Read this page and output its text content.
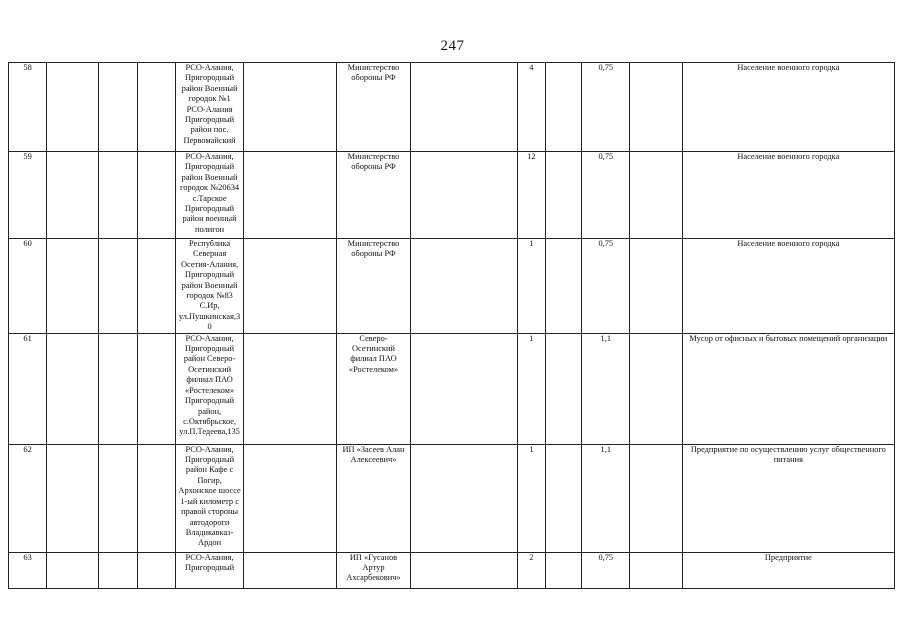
247
58				РСО-Алания, Пригородный район Военный городок №1 РСО-Алания Пригородный район пос. Первомайский		Министерство обороны РФ		4		0,75		Население военного городка
59				РСО-Алания, Пригородный район Военный городок №20634 с.Тарское Пригородный район военный полигон		Министерство обороны РФ		12		0,75		Население военного городка
60				Республика Северная Осетия-Алания, Пригородный район Военный городок №83 С.Ир, ул.Пушкинская,30		Министерство обороны РФ		1		0,75		Население военного городка
61				РСО-Алания, Пригородный район Северо-Осетинский филиал ПАО «Ростелеком» Пригородный район, с.Октябрьское, ул.П.Тедеева,135		Северо-Осетинский филиал ПАО «Ростелеком»		1		1,1		Мусор от офисных и бытовых помещений организации
62				РСО-Алания, Пригородный район Кафе с Погир, Архонское шоссе 1-ый километр с правой стороны автодороги Владикавказ-Ардон		ИП «Засеев Алан Алексеевич»		1		1,1		Предприятие по осуществлению услуг общественного питания
63				РСО-Алания, Пригородный		ИП «Гусанов Артур Ахсарбекович»		2		0,75		Предприятие
